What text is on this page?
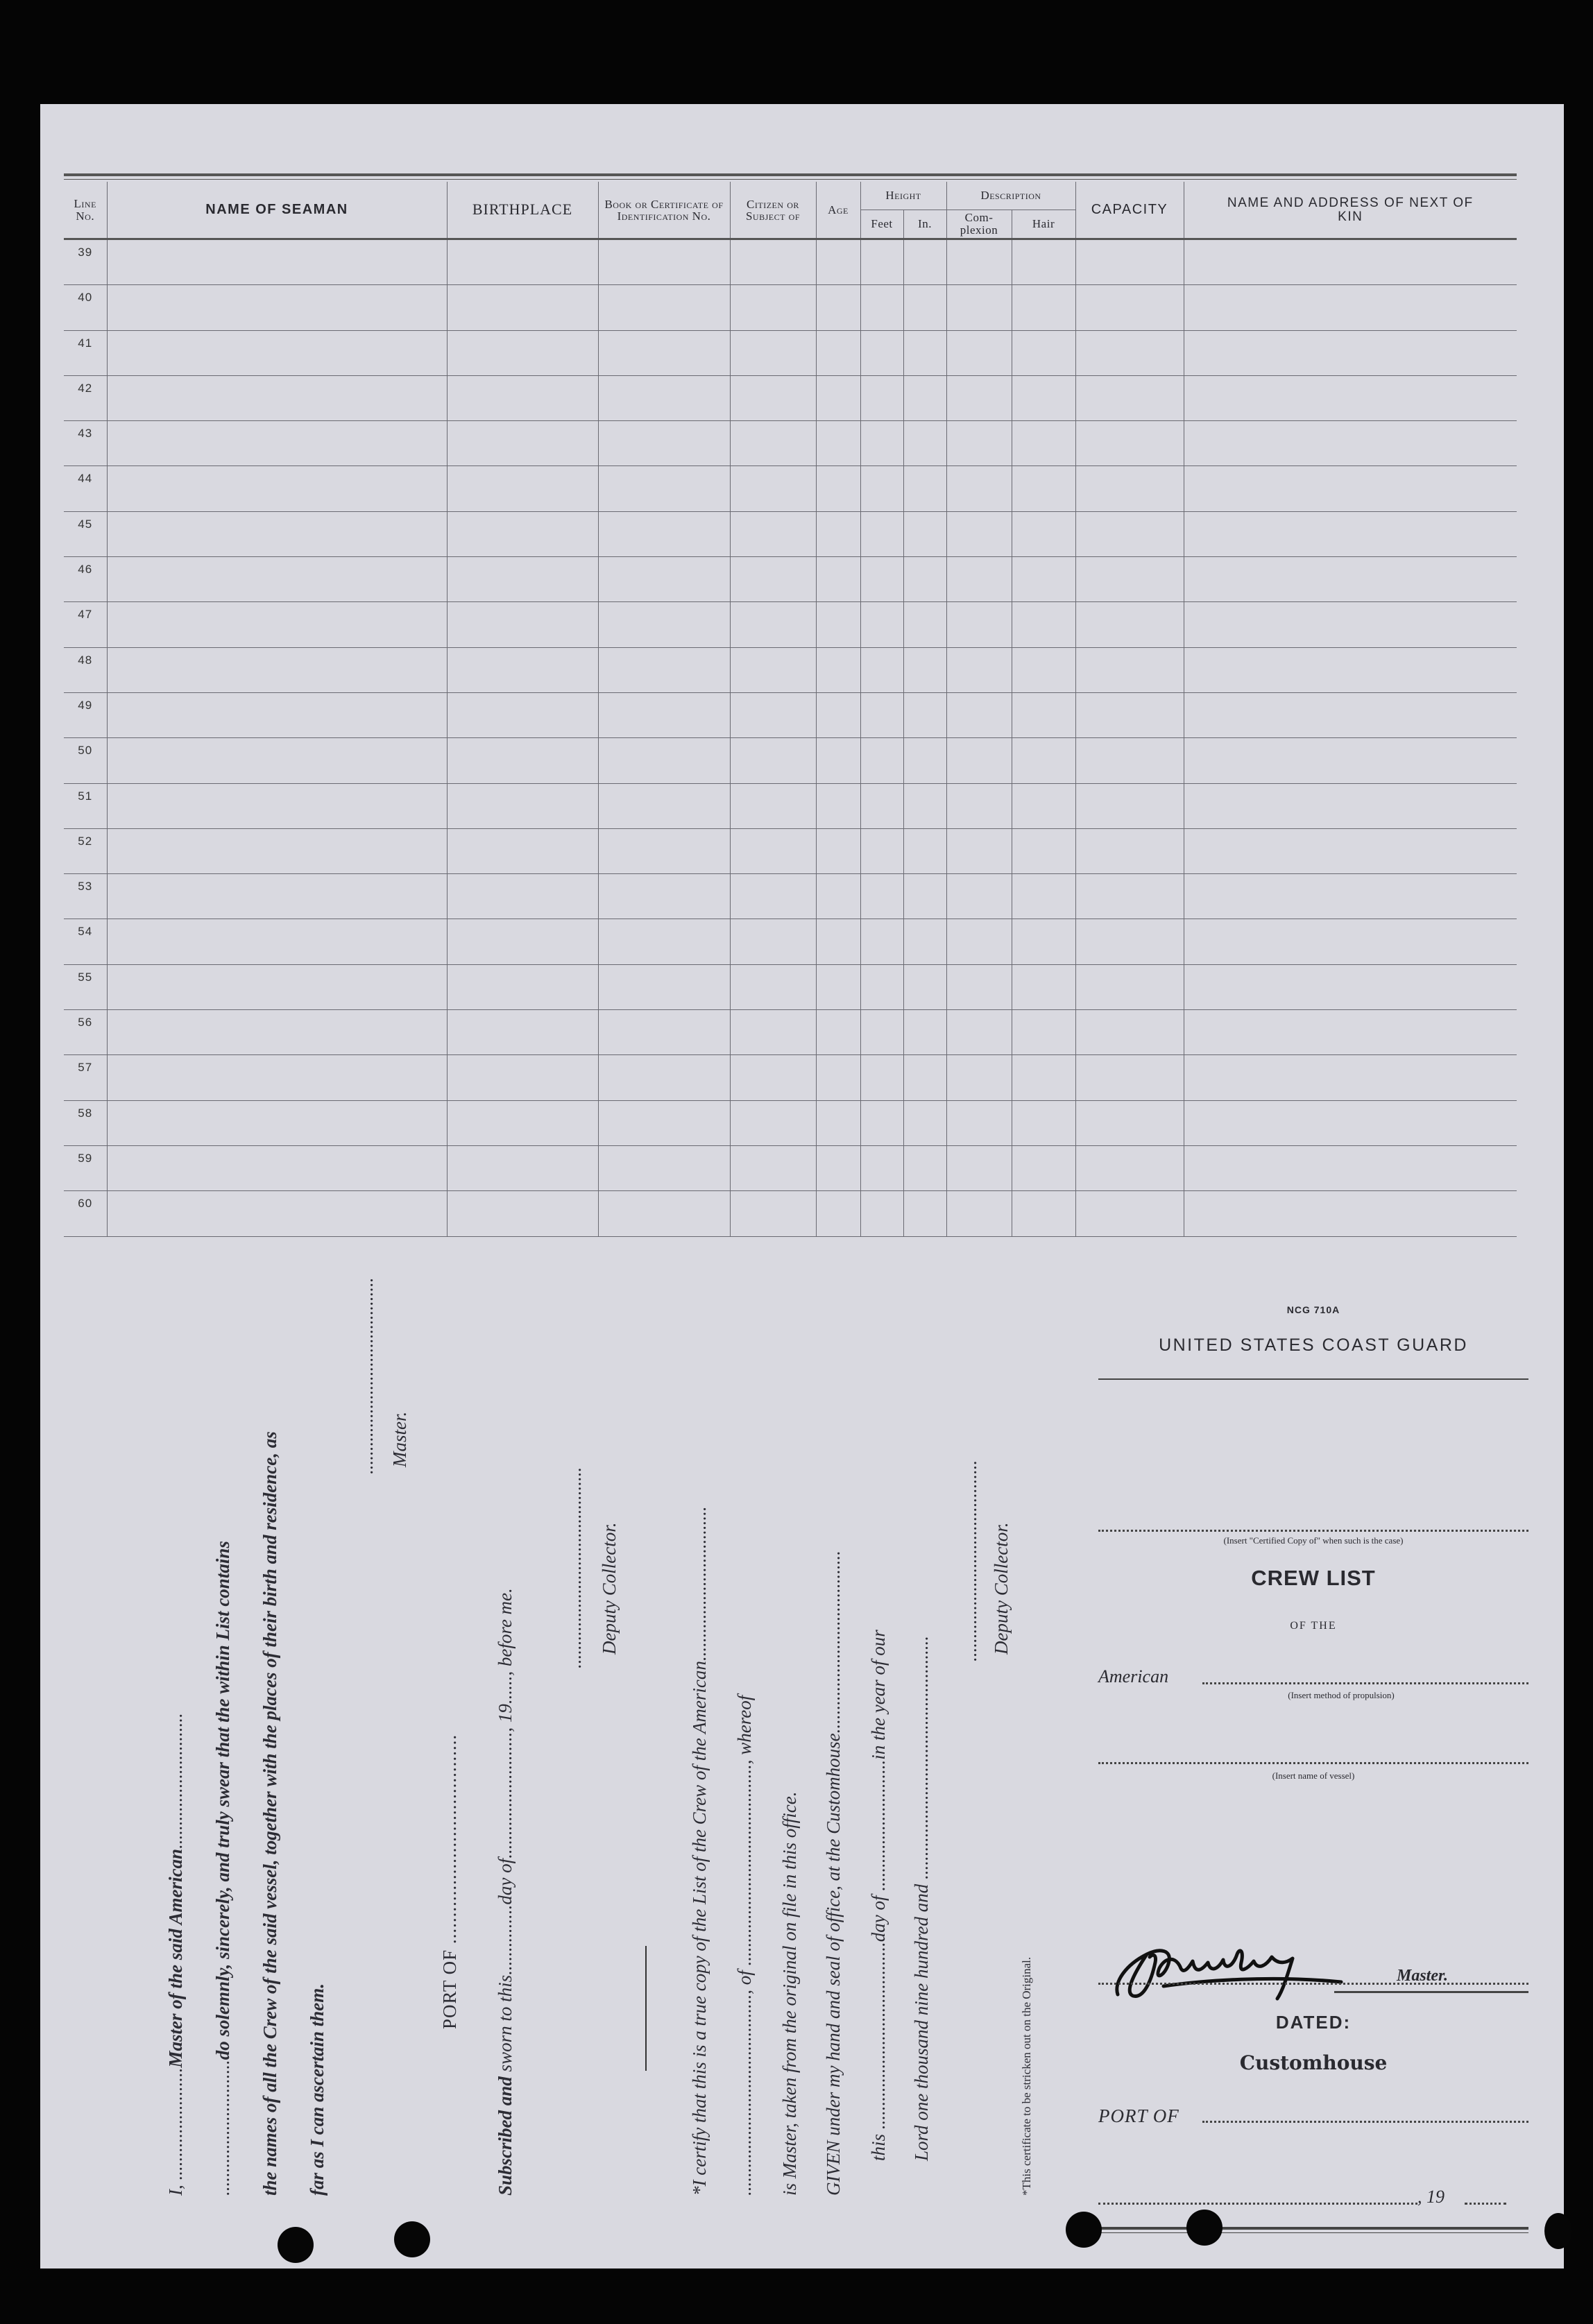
Line No.	NAME OF SEAMAN	BIRTHPLACE	Book or Certificate of Identification No.	Citizen or Subject of	Age	Height		Description		CAPACITY	NAME AND ADDRESS OF NEXT OF KIN

						Feet	In.	Com- plexion	Hair		
39											
40											
41											
42											
43											
44											
45											
46											
47											
48											
49											
50											
51											
52											
53											
54											
55											
56											
57											
58											
59											
60											
I, ........................Master of the said American.............................
.............................do solemnly, sincerely, and truly swear that the within List contains the names of all the Crew of the said vessel, together with the places of their birth and residence, as far as I can ascertain them.
.......................................... Master.
PORT OF .......................................
Subscribed and sworn to this...............day of..........................., 19......, before me.
........................................... Deputy Collector.	*I certify that this is a true copy of the List of the Crew of the American................................. ..........................................., of ..........................................., whereof is Master, taken from the original on file in this office. GIVEN under my hand and seal of office, at the Customhouse....................................... this ........................................day of ............................in the year of our Lord one thousand nine hundred and ....................................................
........................................... Deputy Collector.
*This certificate to be stricken out on the Original.
NCG 710A
UNITED STATES COAST GUARD
(Insert "Certified Copy of" when such is the case)
CREW LIST
OF THE
American
(Insert method of propulsion)
(Insert name of vessel)
Master.
DATED:
Customhouse
PORT OF
, 19
